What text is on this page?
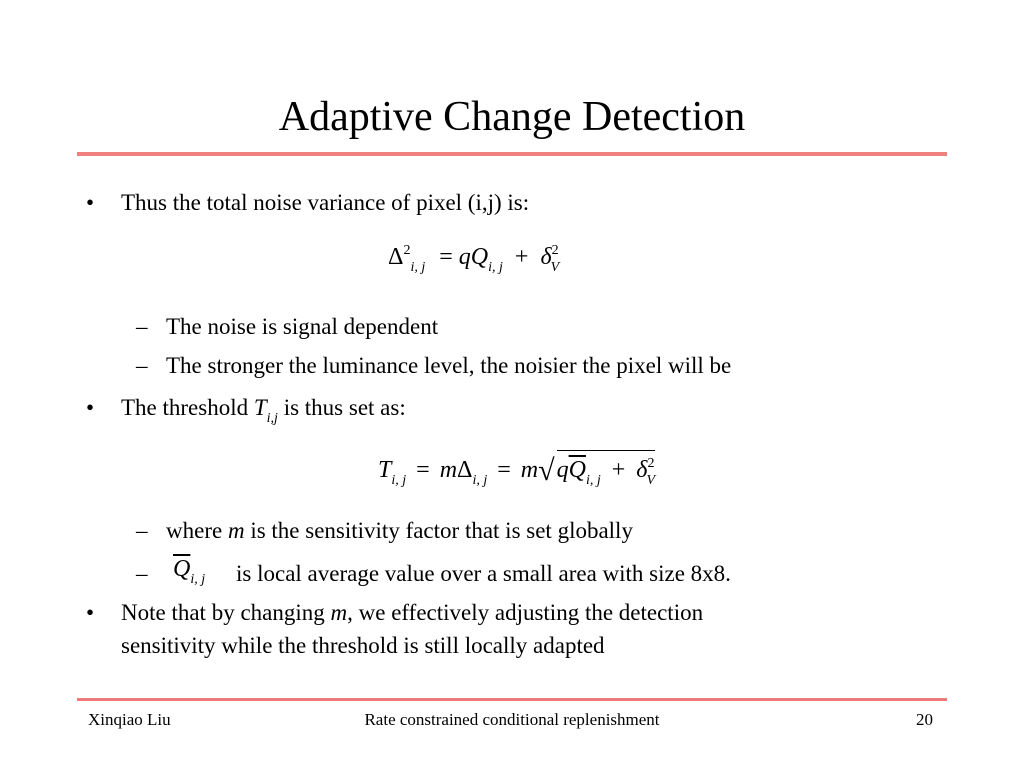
Adaptive Change Detection
• Thus the total noise variance of pixel (i,j) is:
$\Delta^2_{i, j} = qQ_{i, j} + \delta^2_V$
– The noise is signal dependent
– The stronger the luminance level, the noisier the pixel will be
• The threshold $T_{i,j}$ is thus set as:
$T_{i, j} = m\Delta_{i, j} = m√q\overline{Q}_{i, j} + \delta^2_V$
– where m is the sensitivity factor that is set globally
– $\overline{Q}_{i, j}$ is local average value over a small area with size 8x8.
• Note that by changing m, we effectively adjusting the detection
sensitivity while the threshold is still locally adapted
Xinqiao Liu	Rate constrained conditional replenishment	20
